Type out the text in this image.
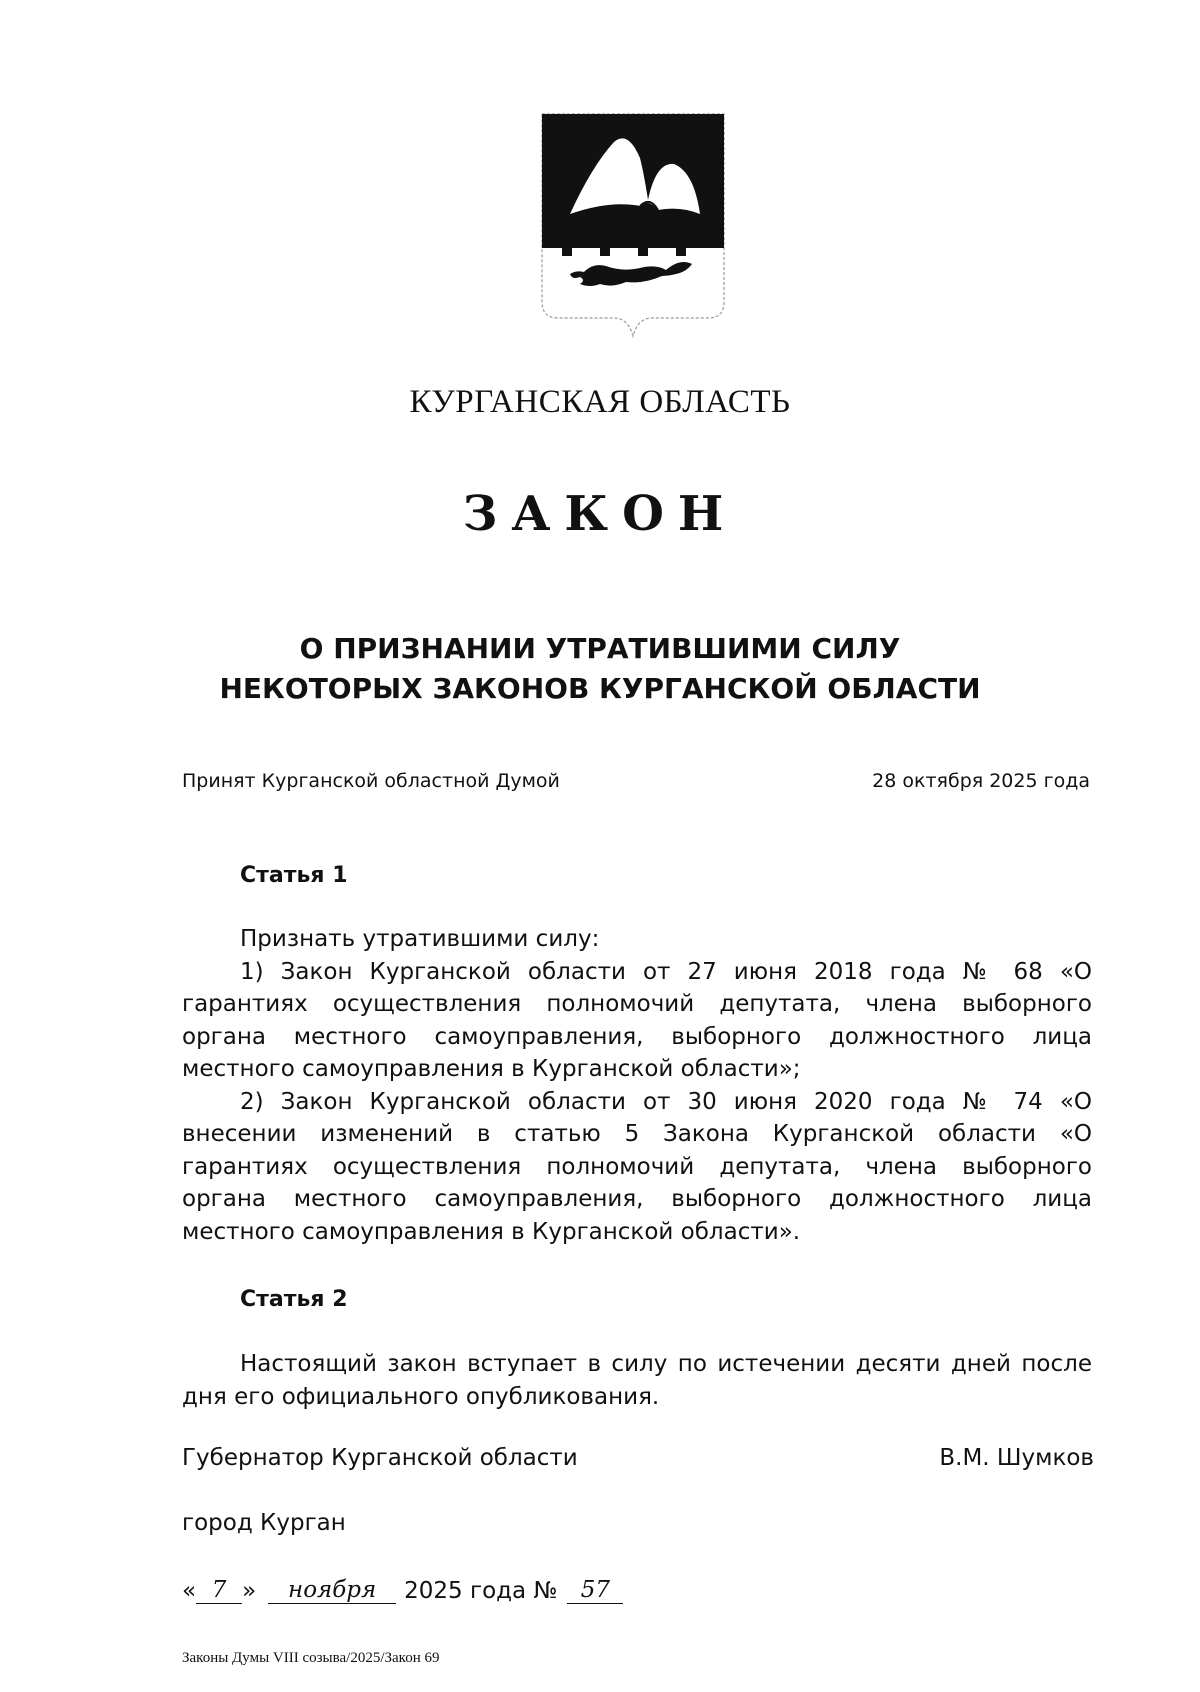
КУРГАНСКАЯ ОБЛАСТЬ
ЗАКОН
О ПРИЗНАНИИ УТРАТИВШИМИ СИЛУ
НЕКОТОРЫХ ЗАКОНОВ КУРГАНСКОЙ ОБЛАСТИ
Принят Курганской областной Думой	28 октября 2025 года
Статья 1

Признать утратившими силу:

1) Закон Курганской области от 27 июня 2018 года № 68 «О гарантиях осуществления полномочий депутата, члена выборного органа местного самоуправления, выборного должностного лица местного самоуправления в Курганской области»;

2) Закон Курганской области от 30 июня 2020 года № 74 «О внесении изменений в статью 5 Закона Курганской области «О гарантиях осуществления полномочий депутата, члена выборного органа местного самоуправления, выборного должностного лица местного самоуправления в Курганской области».

Статья 2

Настоящий закон вступает в силу по истечении десяти дней после дня его официального опубликования.

Губернатор Курганской области	В.М. Шумков
город Курган
« 7 »	ноября	2025 года №	57
Законы Думы VIII созыва/2025/Закон 69
